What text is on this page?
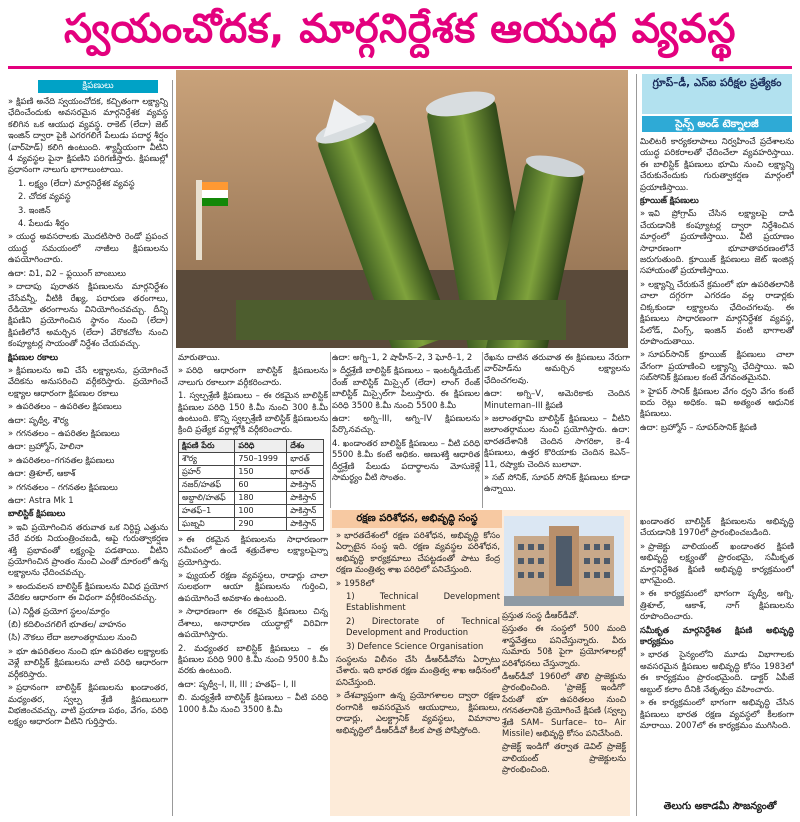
స్వయంచోదక, మార్గనిర్దేశక ఆయుధ వ్యవస్థ
క్షిపణులు

» క్షిపణి అనేది స్వయంచోదక, కచ్చితంగా లక్ష్యాన్ని ఛేదించేందుకు అవసరమైన మార్గనిర్దేశక వ్యవస్థ కలిగిన ఒక ఆయుధ వ్యవస్థ. రాకెట్ (లేదా) జెట్ ఇంజిన్ ద్వారా పైకి ఎగరగలిగే పేలుడు పదార్థ శీర్షం (వార్‌హెడ్) కలిగి ఉంటుంది. శ్యాస్త్రీయంగా వీటిని 4 వ్యవస్థల పైనా క్షిపణిని పరిగణిస్తారు. క్షిపణుల్లో ప్రధానంగా నాలుగు భాగాలుంటాయి.

1. లక్ష్యం (లేదా) మార్గనిర్దేశక వ్యవస్థ

2. చోదక వ్యవస్థ

3. ఇంజిన్

4. పేలుడు శీర్షం

» యుద్ధ అవసరాలకు మొదటిసారి రెండో ప్రపంచ యుద్ధ సమయంలో నాజీలు క్షిపణులను ఉపయోగించారు.

ఉదా: వి1, వి2 – ఫ్లయింగ్ బాంబులు

» దాదాపు పురాతన క్షిపణులను మార్గనిర్దేశం చేసేవన్నీ, వీటికి రేఖ్య, పరారుణ తరంగాలు, రేడియో తరంగాలను వినియోగించవచ్చు. దీన్ని క్షిపణిని ప్రయోగించిన స్థానం నుంచి (లేదా) క్షిపణిలోనే అమర్చిన (లేదా) వేరొకచోట నుంచి కంప్యూటర్ల సాయంతో నిర్దేశం చేయవచ్చు.

క్షిపణుల రకాలు

» క్షిపణులను అవి చేసే లక్ష్యాలను, ప్రయోగించే వేదికను అనుసరించి వర్గీకరిస్తారు. ప్రయోగించే లక్ష్యాల ఆధారంగా క్షిపణుల రకాలు

» ఉపరితలం – ఉపరితల క్షిపణులు

ఉదా: పృథ్వీ, శౌర్య

» గగనతలం – ఉపరితల క్షిపణులు

ఉదా: బ్రహ్మోస్, హెలినా

» ఉపరితలం–గగనతల క్షిపణులు

ఉదా: త్రిశూల్, ఆకాశ్

» గగనతలం – గగనతల క్షిపణులు

ఉదా: Astra Mk 1

బాలిస్టిక్ క్షిపణులు

» ఇవి ప్రయోగించిన తరువాత ఒక నిర్దిష్ట ఎత్తును చేరే వరకు నియంత్రించబడి, ఆపై గురుత్వాకర్షణ శక్తి ప్రభావంతో లక్ష్యంపై పడతాయి. వీటిని ప్రయోగించిన ప్రాంతం నుంచి ఎంతో దూరంలో ఉన్న లక్ష్యాలను ఛేదించవచ్చు.

» అందువలన బాలిస్టిక్ క్షిపణులను వివిధ ప్రయోగ వేదికల ఆధారంగా ఈ విధంగా వర్గీకరించవచ్చు.

(ఎ) నిర్ణీత ప్రయోగ స్థలం/మార్గం

(బి) కదిలించగలిగే భూతల/ వాహనం

(సి) నౌకలు లేదా జలాంతర్గాముల నుంచి

» భూ ఉపరితలం నుంచి భూ ఉపరితల లక్ష్యాలకు వెళ్లే బాలిస్టిక్ క్షిపణులను వాటి పరిధి ఆధారంగా వర్గీకరిస్తారు.

» ప్రధానంగా బాలిస్టిక్ క్షిపణులను ఖండాంతర, మధ్యంతర, స్వల్ప శ్రేణి క్షిపణులుగా విభజించవచ్చు. వాటి ప్రయాణ పథం, వేగం, పరిధి లక్ష్యం ఆధారంగా వీటిని గుర్తిస్తారు.

మారుతాయి.

» పరిధి ఆధారంగా బాలిస్టిక్ క్షిపణులను నాలుగు రకాలుగా వర్గీకరించారు.

1. స్వల్పశ్రేణి క్షిపణులు – ఈ రకమైన బాలిస్టిక్ క్షిపణుల పరిధి 150 కి.మీ నుంచి 300 కి.మీ ఉంటుంది. కొన్ని స్వల్పశ్రేణి బాలిస్టిక్ క్షిపణులను క్రింది ప్రత్యేక వర్గాల్లోకి వర్గీకరించారు.

క్షిపణి పేరు	పరిధి	దేశం
శౌర్య	750–1999	భారత్
ప్రహర్	150	భారత్
నజర్/హతఫ్	60	పాకిస్తాన్
అబ్దాలి/హతఫ్	180	పాకిస్తాన్
హతఫ్–1	100	పాకిస్తాన్
ఘజ్నవి	290	పాకిస్తాన్

» ఈ రకమైన క్షిపణులను సాధారణంగా సమీపంలో ఉండే శత్రుదేశాల లక్ష్యాలపైన్నా ప్రయోగిస్తారు.

» ఫ్యుయల్ రక్షణ వ్యవస్థలు, రాడార్లు చాలా సులభంగా ఆయా క్షిపణులను గుర్తించి, ఉపయోగించే అవకాశం ఉంటుంది.

» సాధారణంగా ఈ రకమైన క్షిపణులు చిన్న దేశాలు, అనాధారణ యుద్ధాల్లో విరివిగా ఉపయోగిస్తారు.

2. మధ్యంతర బాలిస్టిక్ క్షిపణులు – ఈ క్షిపణుల పరిధి 900 కి.మీ నుంచి 9500 కి.మీ వరకు ఉంటుంది.

ఉదా: పృథ్వీ–I, II, III ; హతఫ్– I, II

బి. మధ్యశ్రేణి బాలిస్టిక్ క్షిపణులు – వీటి పరిధి 1000 కి.మీ నుంచి 3500 కి.మీ

ఉదా: అగ్ని–1, 2 షాహీన్–2, 3 ఘోరీ–1, 2

» దీర్ఘశ్రేణి బాలిస్టిక్ క్షిపణులు – ఇంటర్మీడియేట్ రేంజ్ బాలిస్టిక్ మిస్సైల్ (లేదా) లాంగ్ రేంజ్ బాలిస్టిక్ మిస్సైల్‌గా పిలుస్తారు. ఈ క్షిపణుల పరిధి 3500 కి.మీ నుంచి 5500 కి.మీ

ఉదా: అగ్ని–III, అగ్ని–IV క్షిపణులను పేర్కొనవచ్చు.

4. ఖండాంతర బాలిస్టిక్ క్షిపణులు – వీటి పరిధి 5500 కి.మీ కంటే అధికం. అణుశక్తి ఆధారిత దీర్ఘశ్రేణి పేలుడు పదార్థాలను మోసుకెళ్లే సామర్థ్యం వీటి సొంతం.

రేఖను దాటిన తరువాత ఈ క్షిపణులు నేరుగా వార్‌హెడ్‌ను అమర్చిన లక్ష్యాలను ఛేదించగలవు.

ఉదా: అగ్ని–V, అమెరికాకు చెందిన Minuteman–III క్షిపణి

» జలాంతర్గామి బాలిస్టిక్ క్షిపణులు – వీటిని జలాంతర్గాముల నుంచి ప్రయోగిస్తారు. ఉదా: భారతదేశానికి చెందిన సాగరికా, కె–4 క్షిపణులు, ఉత్తర కొరియాకు చెందిన కెఎన్–11, రష్యాకు చెందిన బులావా.

» సబ్ సోనిక్, సూపర్ సోనిక్ క్షిపణులు కూడా ఉన్నాయి.

రక్షణ పరిశోధన, అభివృద్ధి సంస్థ

» భారతదేశంలో రక్షణ పరిశోధన, అభివృద్ధి కోసం ఏర్పాటైన సంస్థ ఇది. రక్షణ వ్యవస్థల పరిశోధన, అభివృద్ధి కార్యక్రమాలు చేపట్టడంతో పాటు కేంద్ర రక్షణ మంత్రిత్వ శాఖ పరిధిలో పనిచేస్తుంది.

» 1958లో

1) Technical Development Establishment

2) Directorate of Technical Development and Production

3) Defence Science Organisation

సంస్థలను విలీనం చేసి డీఆర్‌డీవోను ఏర్పాటు చేశారు. ఇది భారత రక్షణ మంత్రిత్వ శాఖ ఆధీనంలో పనిచేస్తుంది.

» దేశవ్యాప్తంగా ఉన్న ప్రయోగశాలల ద్వారా రక్షణ రంగానికి అవసరమైన ఆయుధాలు, క్షిపణులు, రాడార్లు, ఎలక్ట్రానిక్ వ్యవస్థలు, విమానాల అభివృద్ధిలో డీఆర్‌డీవో కీలక పాత్ర పోషిస్తోంది.

ప్రస్తుత సంస్థ డీఆర్‌డీవో.

ప్రస్తుతం ఈ సంస్థలో 500 మంది శాస్త్రవేత్తలు పనిచేస్తున్నారు. వీరు సుమారు 50కి పైగా ప్రయోగశాలల్లో పరిశోధనలు చేస్తున్నారు.

డీఆర్‌డీవో 1960లో తొలి ప్రాజెక్టును ప్రారంభించింది. 'ప్రాజెక్ట్ ఇండిగో' పేరుతో భూ ఉపరితలం నుంచి గగనతలానికి ప్రయోగించే క్షిపణి (స్వల్ప శ్రేణి SAM– Surface– to– Air Missile) అభివృద్ధి కోసం పనిచేసింది.

ప్రాజెక్ట్ ఇండిగో తర్వాత డెవిల్ ప్రాజెక్ట్ వాలియంట్ ప్రాజెక్టులను ప్రారంభించింది.

గ్రూప్–డీ, ఎస్‌ఐ పరీక్షల ప్రత్యేకం
సైన్స్ అండ్ టెక్నాలజీ

మిలిటరీ కార్యకలాపాలు నిర్వహించే ప్రదేశాలను యుద్ధ పరికరాలతో ఛేదించేలా వ్యవహరిస్తాయి. ఈ బాలిస్టిక్ క్షిపణులు భూమి నుంచి లక్ష్యాన్ని చేరుకునేందుకు గురుత్వాకర్షణ మార్గంలో ప్రయాణిస్తాయి.

క్రూయిజ్ క్షిపణులు

» ఇవి ప్రోగ్రామ్ చేసిన లక్ష్యాలపై దాడి చేయడానికి కంప్యూటర్ల ద్వారా నిర్దేశించిన మార్గంలో ప్రయాణిస్తాయి. వీటి ప్రయాణం సాధారణంగా భూవాతావరణంలోనే జరుగుతుంది. క్రూయిజ్ క్షిపణులు జెట్ ఇంజిన్ల సహాయంతో ప్రయాణిస్తాయి.

» లక్ష్యాన్ని చేరుకునే క్రమంలో భూ ఉపరితలానికి చాలా దగ్గరగా ఎగరడం వల్ల రాడార్లకు చిక్కకుండా లక్ష్యాలను ఛేదించగలవు. ఈ క్షిపణులు సాధారణంగా మార్గనిర్దేశక వ్యవస్థ, పేలోడ్, వింగ్స్, ఇంజిన్ వంటి భాగాలతో రూపొందుతాయి.

» సూపర్‌సానిక్ క్రూయిజ్ క్షిపణులు చాలా వేగంగా ప్రయాణించి లక్ష్యాన్ని ఛేదిస్తాయి. ఇవి సబ్‌సోనిక్ క్షిపణుల కంటే వేగవంతమైనవి.

» హైపర్ సానిక్ క్షిపణుల వేగం ధ్వని వేగం కంటే ఐదు రెట్లు అధికం. ఇవి అత్యంత ఆధునిక క్షిపణులు.

ఉదా: బ్రహ్మోస్ – సూపర్‌సానిక్ క్షిపణి

ఖండాంతర బాలిస్టిక్ క్షిపణులను అభివృద్ధి చేయడానికి 1970లో ప్రారంభించబడింది.

» ప్రాజెక్టు వాలియంట్ ఖండాంతర క్షిపణి అభివృద్ధి లక్ష్యంతో ప్రారంభమై, సమీకృత మార్గనిర్దేశిత క్షిపణి అభివృద్ధి కార్యక్రమంలో భాగమైంది.

» ఈ కార్యక్రమంలో భాగంగా పృథ్వీ, అగ్ని, త్రిశూల్, ఆకాశ్, నాగ్ క్షిపణులను రూపొందించారు.

సమీకృత మార్గనిర్దేశిత క్షిపణి అభివృద్ధి కార్యక్రమం

» భారత సైన్యంలోని మూడు విభాగాలకు అవసరమైన క్షిపణుల అభివృద్ధి కోసం 1983లో ఈ కార్యక్రమం ప్రారంభమైంది. డాక్టర్ ఏపీజే అబ్దుల్ కలాం దీనికి నేతృత్వం వహించారు.

» ఈ కార్యక్రమంలో భాగంగా అభివృద్ధి చేసిన క్షిపణులు భారత రక్షణ వ్యవస్థలో కీలకంగా మారాయి. 2007లో ఈ కార్యక్రమం ముగిసింది.

తెలుగు అకాడమీ సౌజన్యంతో
